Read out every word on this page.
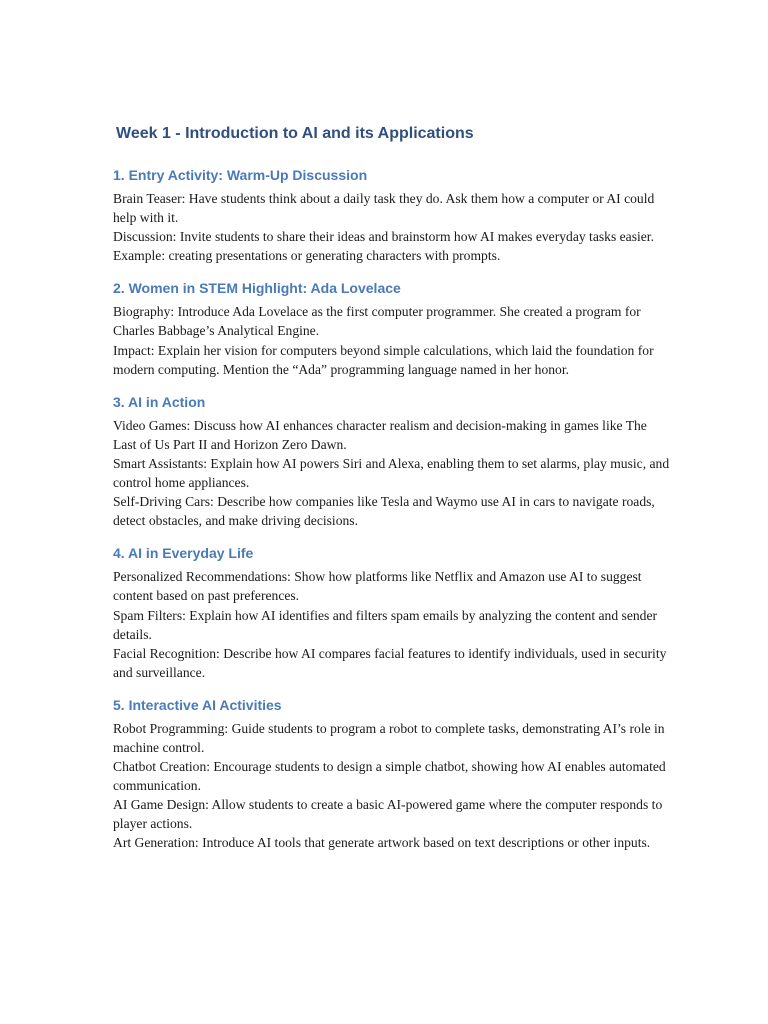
Week 1 - Introduction to AI and its Applications
1. Entry Activity: Warm-Up Discussion

Brain Teaser: Have students think about a daily task they do. Ask them how a computer or AI could help with it.

Discussion: Invite students to share their ideas and brainstorm how AI makes everyday tasks easier. Example: creating presentations or generating characters with prompts.

2. Women in STEM Highlight: Ada Lovelace

Biography: Introduce Ada Lovelace as the first computer programmer. She created a program for Charles Babbage’s Analytical Engine.

Impact: Explain her vision for computers beyond simple calculations, which laid the foundation for modern computing. Mention the “Ada” programming language named in her honor.

3. AI in Action

Video Games: Discuss how AI enhances character realism and decision-making in games like The Last of Us Part II and Horizon Zero Dawn.

Smart Assistants: Explain how AI powers Siri and Alexa, enabling them to set alarms, play music, and control home appliances.

Self-Driving Cars: Describe how companies like Tesla and Waymo use AI in cars to navigate roads, detect obstacles, and make driving decisions.

4. AI in Everyday Life

Personalized Recommendations: Show how platforms like Netflix and Amazon use AI to suggest content based on past preferences.

Spam Filters: Explain how AI identifies and filters spam emails by analyzing the content and sender details.

Facial Recognition: Describe how AI compares facial features to identify individuals, used in security and surveillance.

5. Interactive AI Activities

Robot Programming: Guide students to program a robot to complete tasks, demonstrating AI’s role in machine control.

Chatbot Creation: Encourage students to design a simple chatbot, showing how AI enables automated communication.

AI Game Design: Allow students to create a basic AI-powered game where the computer responds to player actions.

Art Generation: Introduce AI tools that generate artwork based on text descriptions or other inputs.
